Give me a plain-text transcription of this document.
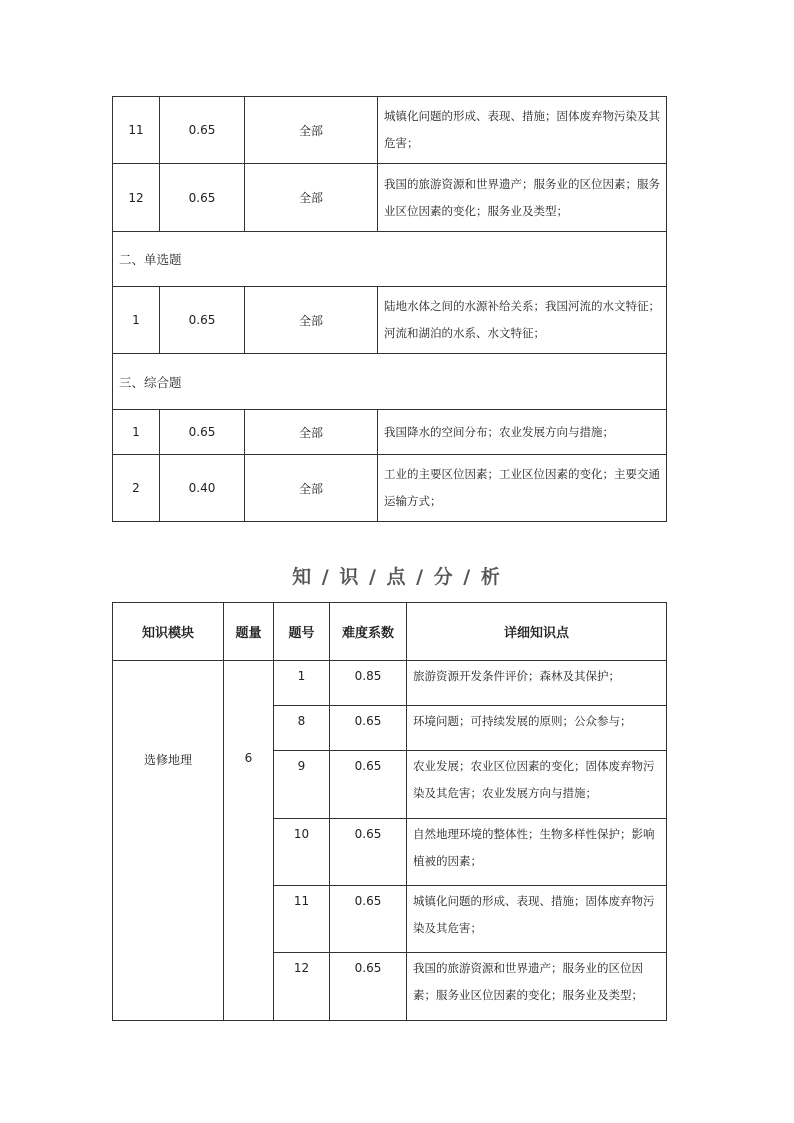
11	0.65	全部	城镇化问题的形成、表现、措施；固体废弃物污染及其危害；
12	0.65	全部	我国的旅游资源和世界遗产；服务业的区位因素；服务业区位因素的变化；服务业及类型；
二、单选题			
1	0.65	全部	陆地水体之间的水源补给关系；我国河流的水文特征；河流和湖泊的水系、水文特征；
三、综合题			
1	0.65	全部	我国降水的空间分布；农业发展方向与措施；
2	0.40	全部	工业的主要区位因素；工业区位因素的变化；主要交通运输方式；
知 / 识 / 点 / 分 / 析
知识模块	题量	题号	难度系数	详细知识点
选修地理	6	1	0.85	旅游资源开发条件评价；森林及其保护；
		8	0.65	环境问题；可持续发展的原则；公众参与；
		9	0.65	农业发展；农业区位因素的变化；固体废弃物污染及其危害；农业发展方向与措施；
		10	0.65	自然地理环境的整体性；生物多样性保护；影响植被的因素；
		11	0.65	城镇化问题的形成、表现、措施；固体废弃物污染及其危害；
		12	0.65	我国的旅游资源和世界遗产；服务业的区位因素；服务业区位因素的变化；服务业及类型；
